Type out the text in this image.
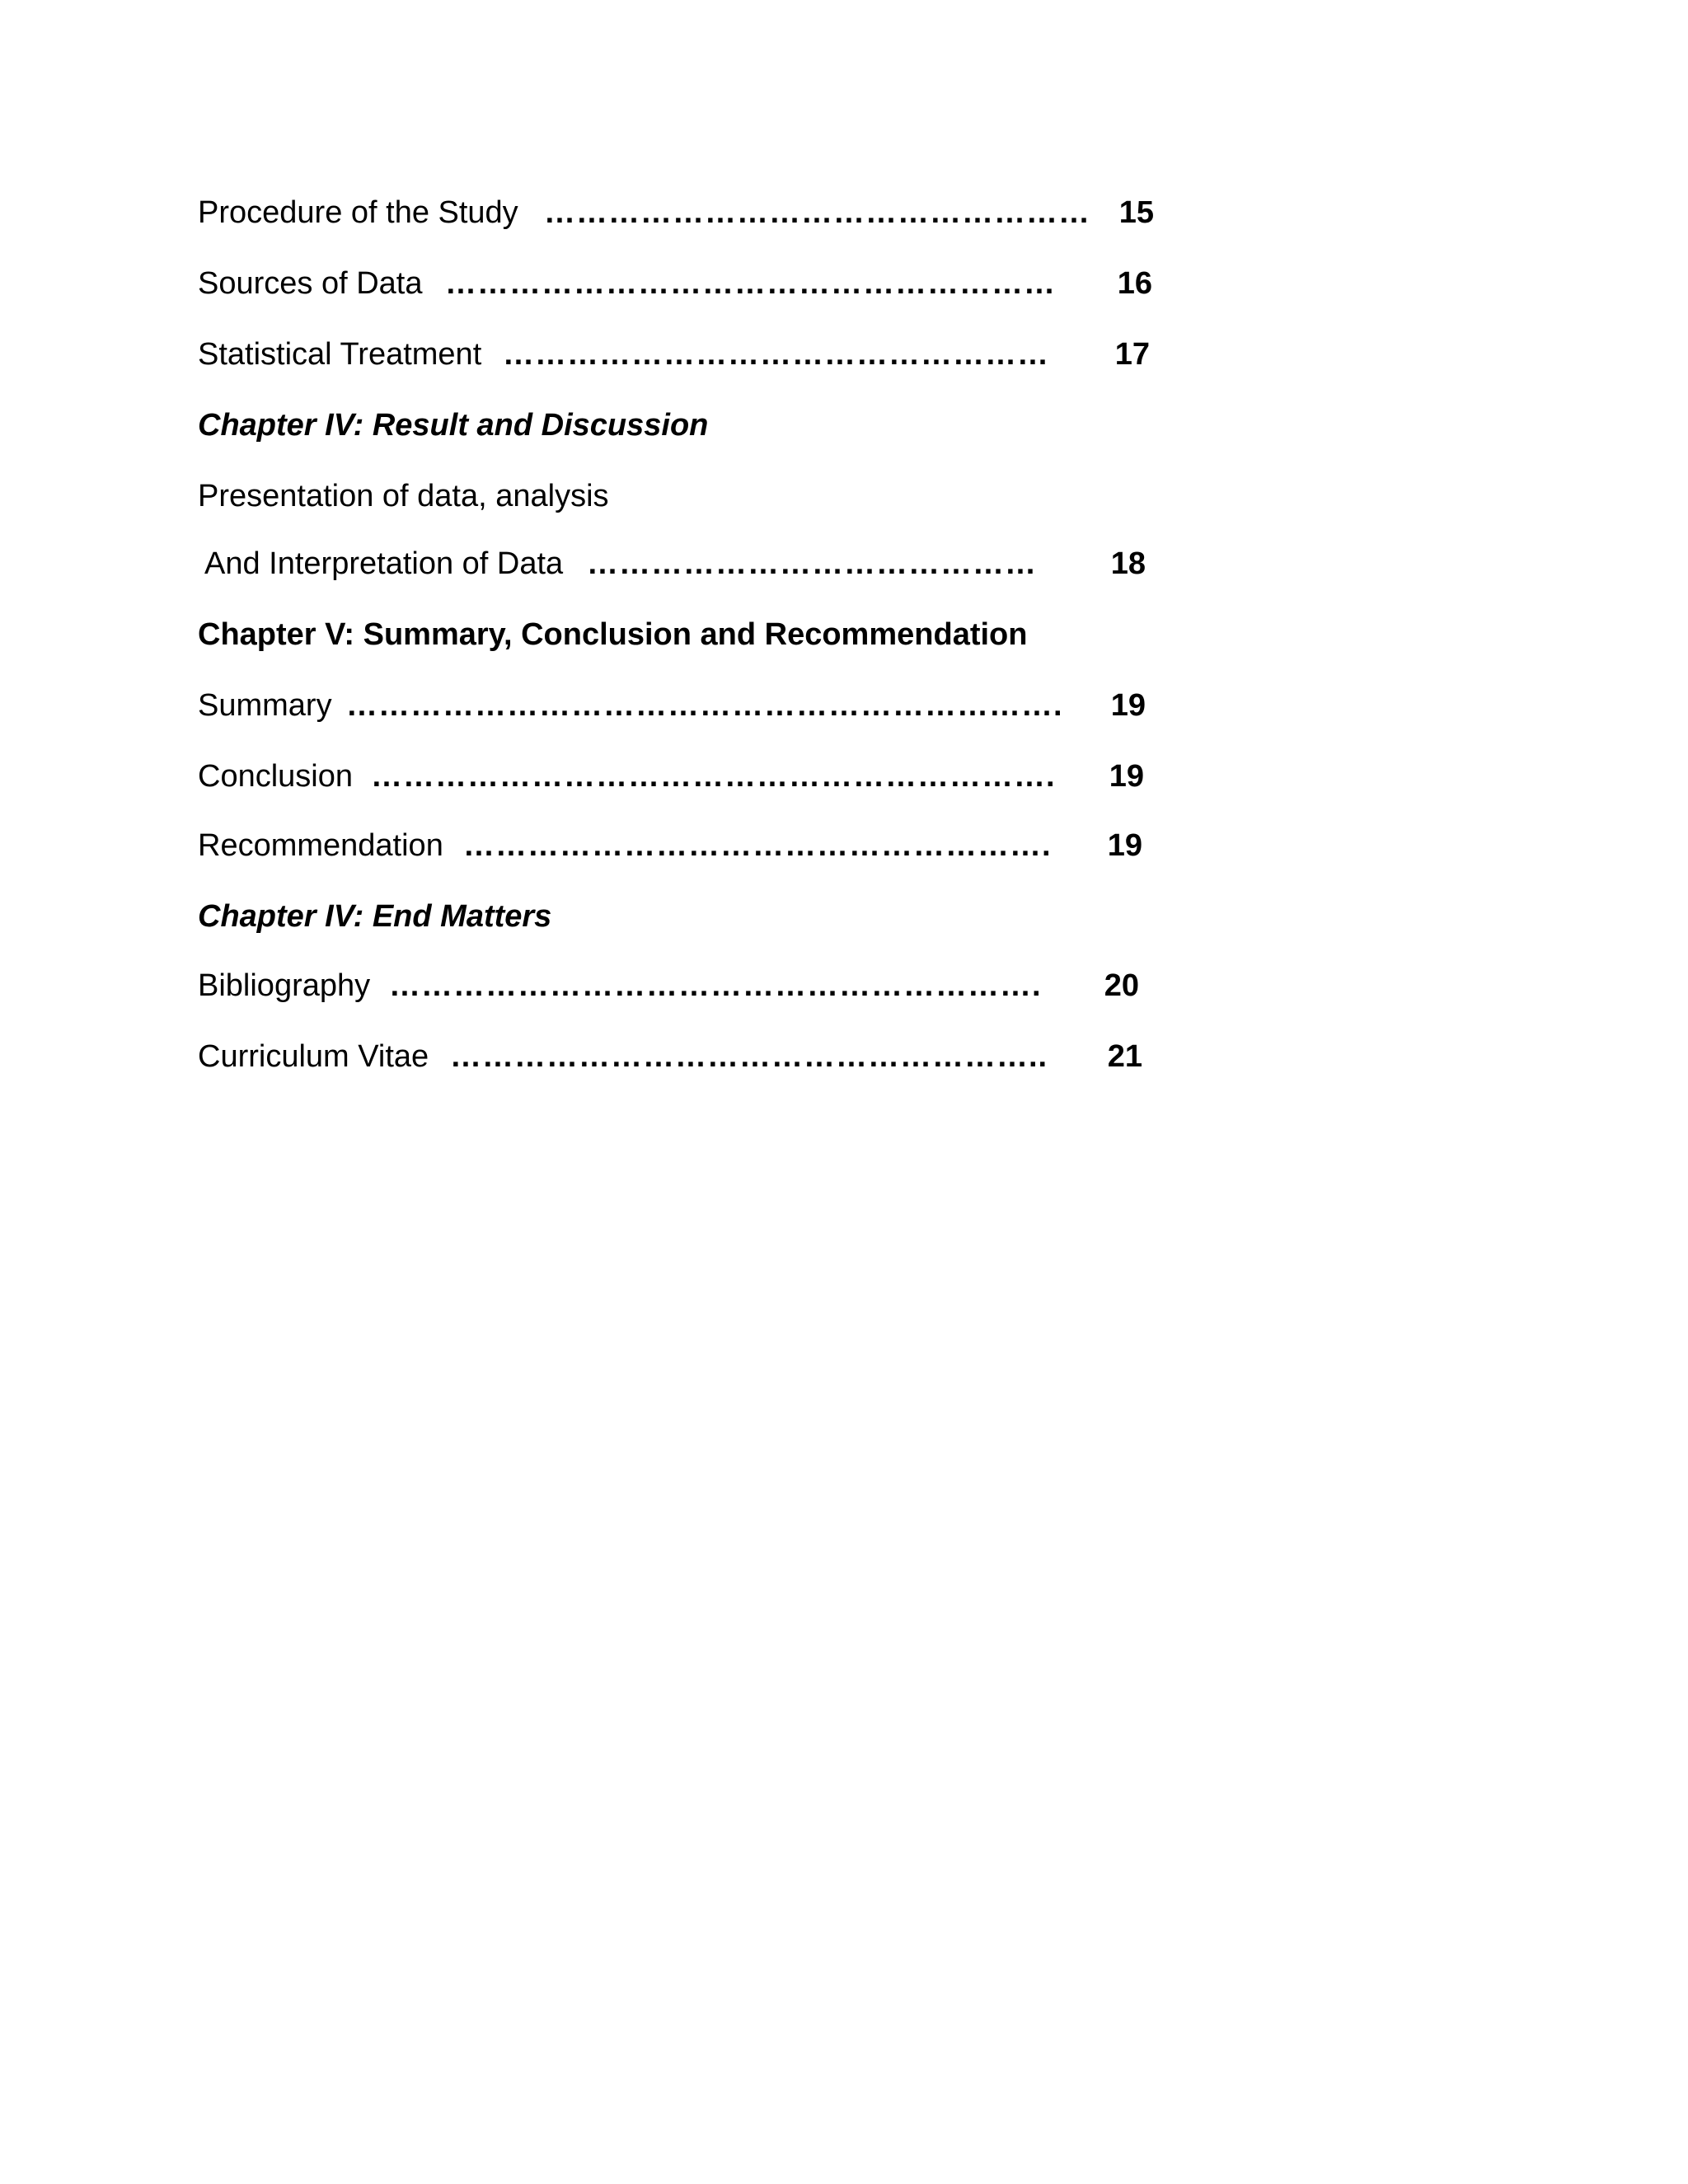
Procedure of the Study …………………………………………… 15
Sources of Data …………………………………………………	16
Statistical Treatment ……………………………………………	17
Chapter IV: Result and Discussion
Presentation of data, analysis
And Interpretation of Data ……………………………………	18
Chapter V: Summary, Conclusion and Recommendation
Summary ………………………………………………………….	19
Conclusion ……………………………………………………….	19
Recommendation ……………………………………………….	19
Chapter IV: End Matters
Bibliography …………………………………………………….	20
Curriculum Vitae ………………………………………………..	21
